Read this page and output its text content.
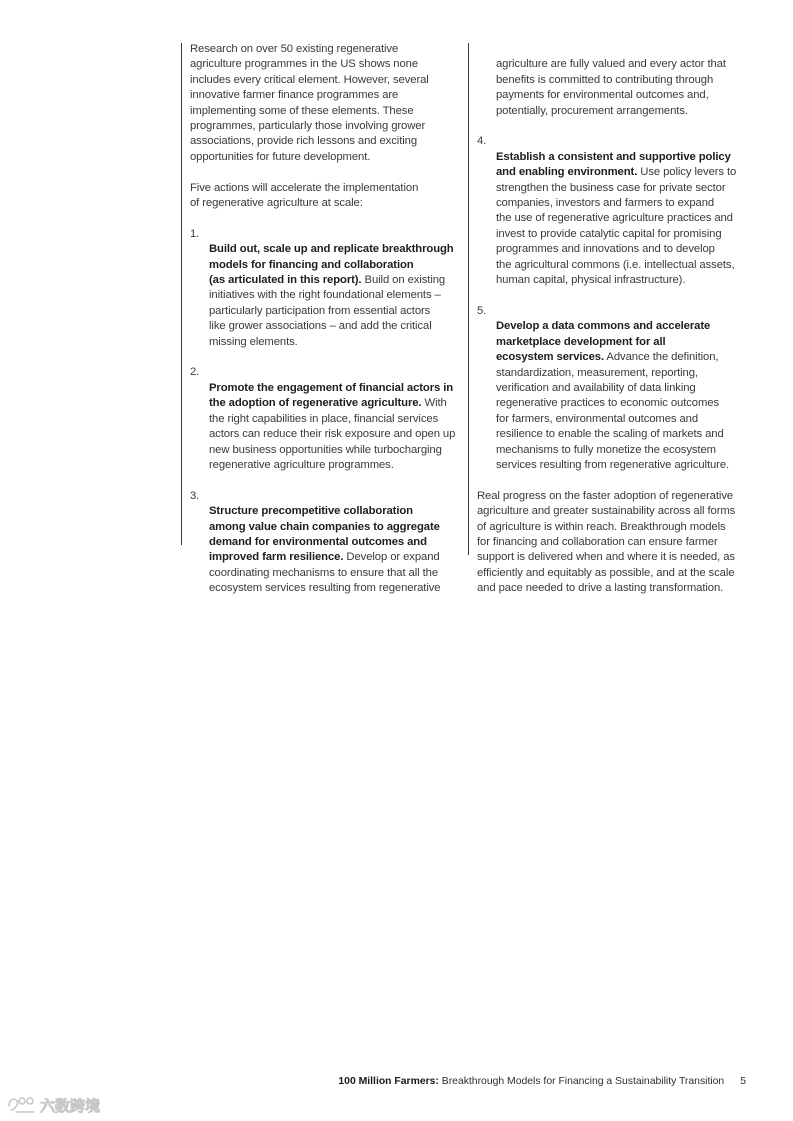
Research on over 50 existing regenerative
agriculture programmes in the US shows none
includes every critical element. However, several
innovative farmer finance programmes are
implementing some of these elements. These
programmes, particularly those involving grower
associations, provide rich lessons and exciting
opportunities for future development.

Five actions will accelerate the implementation
of regenerative agriculture at scale:

1.
Build out, scale up and replicate breakthrough
models for financing and collaboration
(as articulated in this report). Build on existing
initiatives with the right foundational elements –
particularly participation from essential actors
like grower associations – and add the critical
missing elements.

2.
Promote the engagement of financial actors in
the adoption of regenerative agriculture. With
the right capabilities in place, financial services
actors can reduce their risk exposure and open up
new business opportunities while turbocharging
regenerative agriculture programmes.

3.
Structure precompetitive collaboration
among value chain companies to aggregate
demand for environmental outcomes and
improved farm resilience. Develop or expand
coordinating mechanisms to ensure that all the
ecosystem services resulting from regenerative

agriculture are fully valued and every actor that
benefits is committed to contributing through
payments for environmental outcomes and,
potentially, procurement arrangements.

4.
Establish a consistent and supportive policy
and enabling environment. Use policy levers to
strengthen the business case for private sector
companies, investors and farmers to expand
the use of regenerative agriculture practices and
invest to provide catalytic capital for promising
programmes and innovations and to develop
the agricultural commons (i.e. intellectual assets,
human capital, physical infrastructure).

5.
Develop a data commons and accelerate
marketplace development for all
ecosystem services. Advance the definition,
standardization, measurement, reporting,
verification and availability of data linking
regenerative practices to economic outcomes
for farmers, environmental outcomes and
resilience to enable the scaling of markets and
mechanisms to fully monetize the ecosystem
services resulting from regenerative agriculture.

Real progress on the faster adoption of regenerative
agriculture and greater sustainability across all forms
of agriculture is within reach. Breakthrough models
for financing and collaboration can ensure farmer
support is delivered when and where it is needed, as
efficiently and equitably as possible, and at the scale
and pace needed to drive a lasting transformation.

100 Million Farmers: Breakthrough Models for Financing a Sustainability Transition 5
六数跨境
